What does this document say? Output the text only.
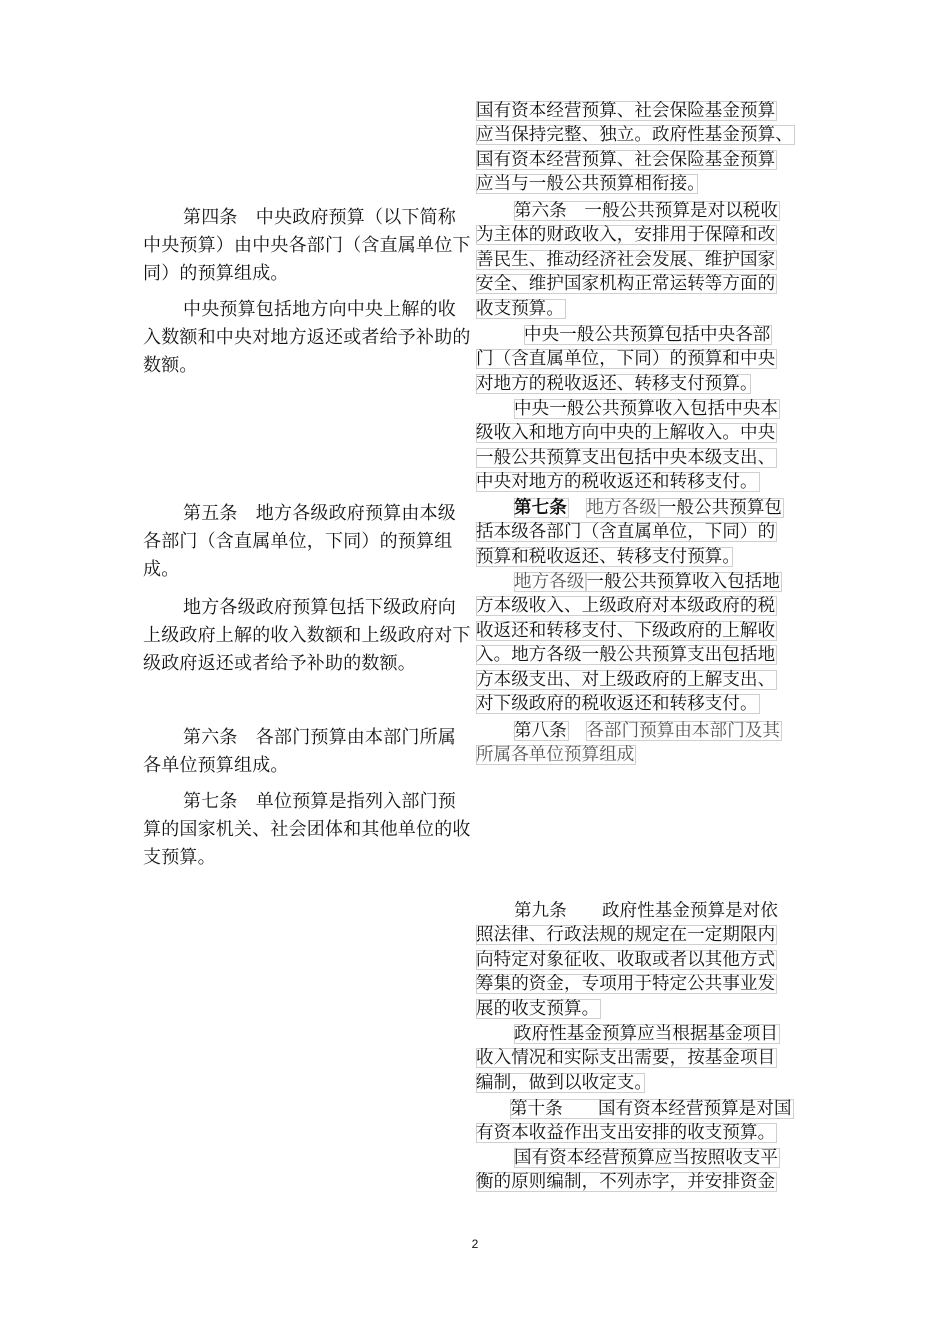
第四条　中央政府预算（以下简称中央预算）由中央各部门（含直属单位下同）的预算组成。

中央预算包括地方向中央上解的收入数额和中央对地方返还或者给予补助的数额。

第五条　地方各级政府预算由本级各部门（含直属单位，下同）的预算组成。

地方各级政府预算包括下级政府向上级政府上解的收入数额和上级政府对下级政府返还或者给予补助的数额。

第六条　各部门预算由本部门所属各单位预算组成。

第七条　单位预算是指列入部门预算的国家机关、社会团体和其他单位的收支预算。

国有资本经营预算、社会保险基金预算
应当保持完整、独立。政府性基金预算、
国有资本经营预算、社会保险基金预算
应当与一般公共预算相衔接。　　　
第六条　一般公共预算是对以税收
为主体的财政收入，安排用于保障和改
善民生、推动经济社会发展、维护国家
安全、维护国家机构正常运转等方面的
收支预算。
中央一般公共预算包括中央各部
门（含直属单位，下同）的预算和中央
对地方的税收返还、转移支付预算。　
中央一般公共预算收入包括中央本
级收入和地方向中央的上解收入。中央
一般公共预算支出包括中央本级支出、
中央对地方的税收返还和转移支付。
第七条　 地方各级 一般公共预算包
括本级各部门（含直属单位，下同）的
预算和税收返还、转移支付预算。　
地方各级 一般公共预算收入包括地
方本级收入、上级政府对本级政府的税
收返还和转移支付、下级政府的上解收
入。地方各级一般公共预算支出包括地
方本级支出、对上级政府的上解支出、
对下级政府的税收返还和转移支付。
第八条　 各部门预算由本部门及其
所属各单位预算组成
第九条　　政府性基金预算是对依
照法律、行政法规的规定在一定期限内
向特定对象征收、收取或者以其他方式
筹集的资金，专项用于特定公共事业发
展的收支预算。
政府性基金预算应当根据基金项目
收入情况和实际支出需要，按基金项目
编制，做到以收定支。　
第十条　　国有资本经营预算是对国
有资本收益作出支出安排的收支预算。
国有资本经营预算应当按照收支平
衡的原则编制，不列赤字，并安排资金
2
